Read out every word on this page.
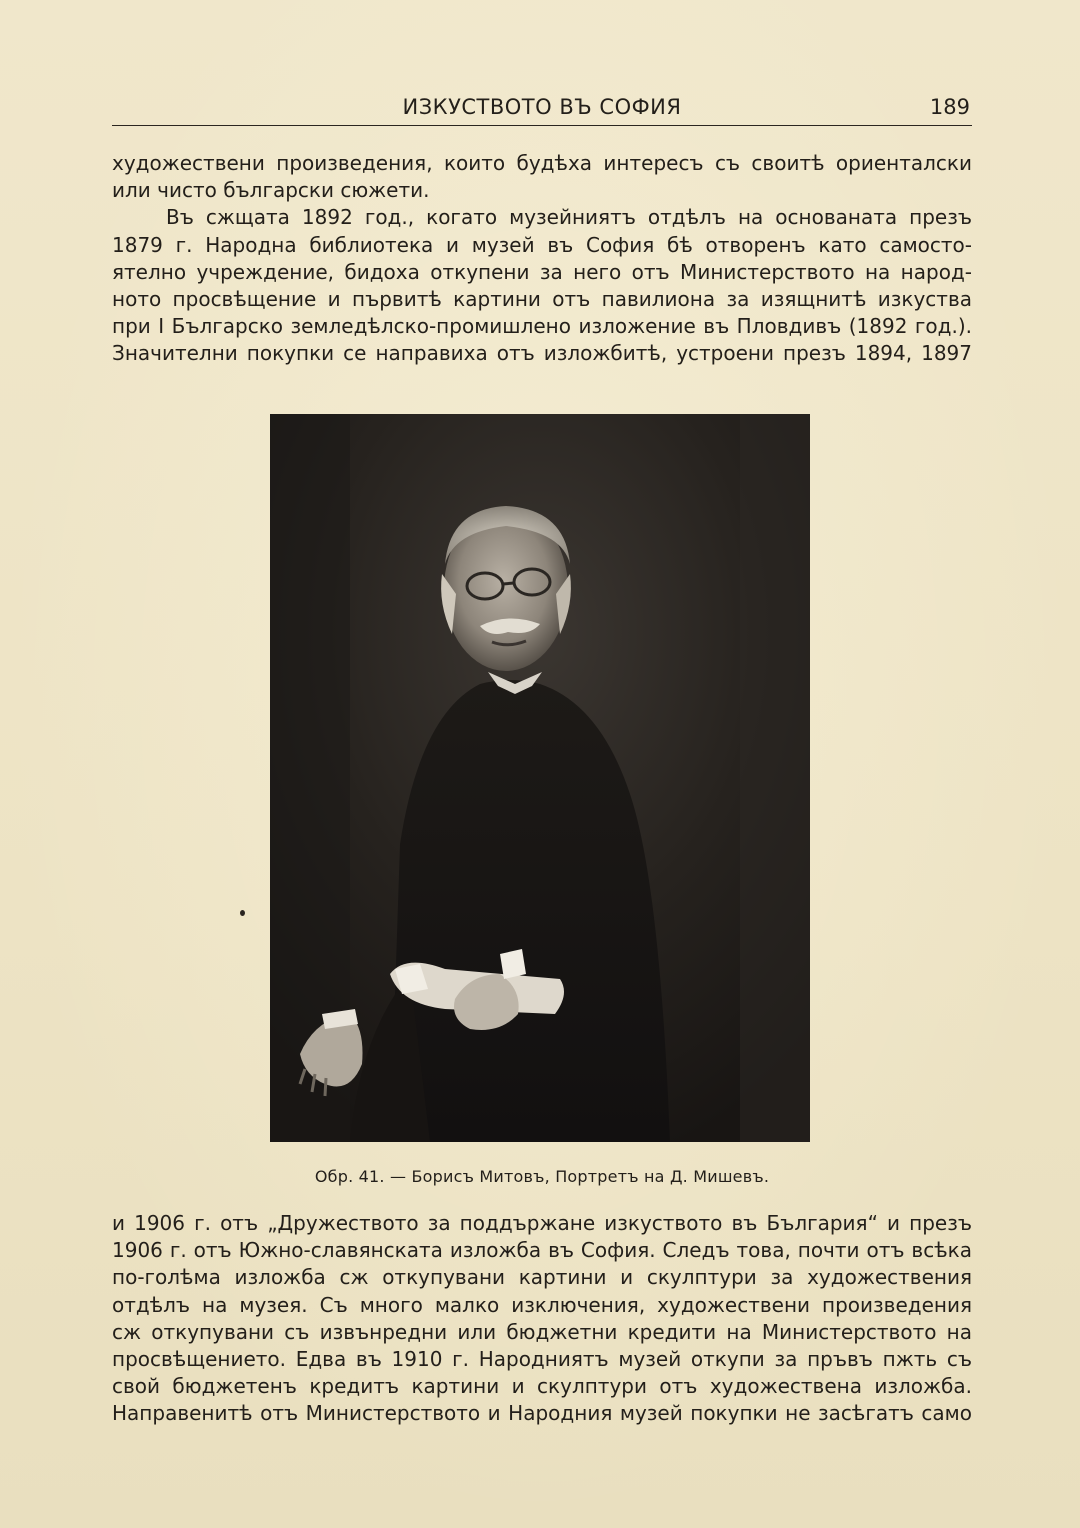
ИЗКУСТВОТО ВЪ СОФИЯ	189
художествени произведения, които будѣха интересъ съ своитѣ ориенталски
или чисто български сюжети.
Въ сжщата 1892 год., когато музейниятъ отдѣлъ на основаната презъ
1879 г. Народна библиотека и музей въ София бѣ отворенъ като самосто-
ятелно учреждение, бидоха откупени за него отъ Министерството на народ-
ното просвѣщение и първитѣ картини отъ павилиона за изящнитѣ изкуства
при I Българско земледѣлско-промишлено изложение въ Пловдивъ (1892 год.).
Значителни покупки се направиха отъ изложбитѣ, устроени презъ 1894, 1897
Обр. 41. — Борисъ Митовъ, Портретъ на Д. Мишевъ.
и 1906 г. отъ „Дружеството за поддържане изкуството въ България“ и презъ
1906 г. отъ Южно-славянската изложба въ София. Следъ това, почти отъ всѣка
по-голѣма изложба сж откупувани картини и скулптури за художествения
отдѣлъ на музея. Съ много малко изключения, художествени произведения
сж откупувани съ извънредни или бюджетни кредити на Министерството на
просвѣщението. Едва въ 1910 г. Народниятъ музей откупи за пръвъ пжть съ
свой бюджетенъ кредитъ картини и скулптури отъ художествена изложба.
Направенитѣ отъ Министерството и Народния музей покупки не засѣгатъ само
